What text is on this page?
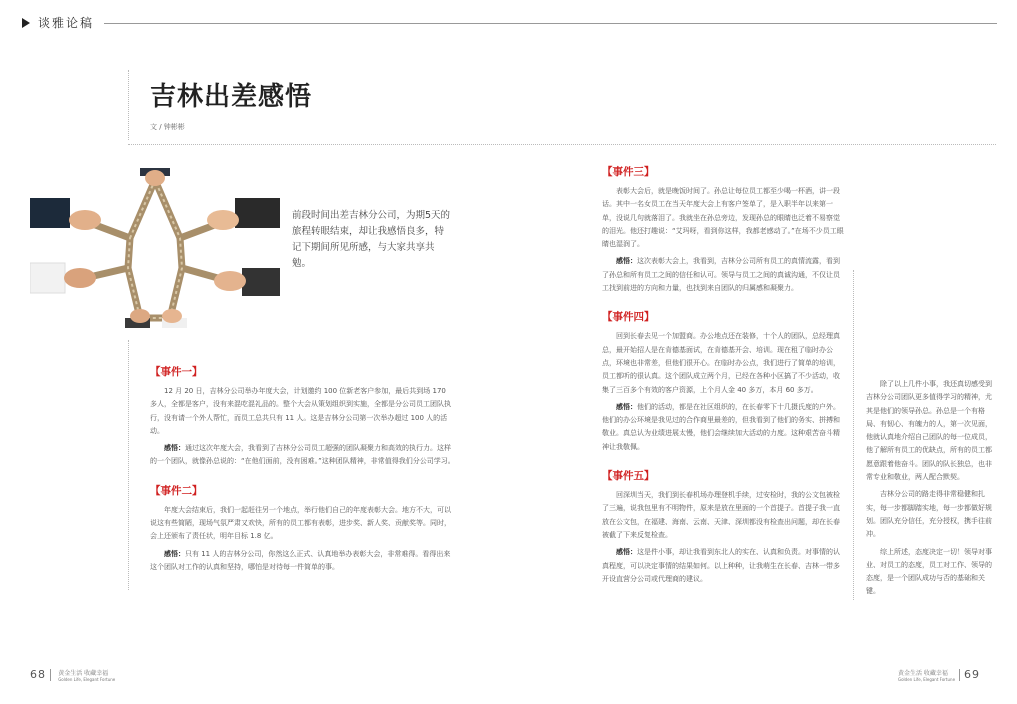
谈雅论稿
吉林出差感悟
文 / 钟彬彬
前段时间出差吉林分公司，为期5天的旅程转眼结束，却让我感悟良多，特记下期间所见所感，与大家共享共勉。
【事件一】

12 月 20 日，吉林分公司举办年度大会，计划邀约 100 位新老客户参加，最后共到场 170 多人，全都是客户，没有来混吃混礼品的。整个大会从策划组织到实施，全都是分公司员工团队执行，没有请一个外人帮忙，而员工总共只有 11 人。这是吉林分公司第一次举办超过 100 人的活动。

感悟：通过这次年度大会，我看到了吉林分公司员工超强的团队凝聚力和高效的执行力。这样的一个团队，就像孙总说的：“在他们面前，没有困难。”这种团队精神，非常值得我们分公司学习。

【事件二】

年度大会结束后，我们一起赶往另一个地点，举行他们自己的年度表彰大会。地方不大，可以说这有些简陋，现场气氛严肃又欢快，所有的员工都有表彰，进步奖、新人奖、贡献奖等。同时，会上还颁布了责任状，明年目标 1.8 亿。

感悟：只有 11 人的吉林分公司，你然这么正式、认真地举办表彰大会，非常难得。看得出来这个团队对工作的认真和坚持，哪怕是对待每一件简单的事。

【事件三】

表彰大会后，就是晚饭时间了。孙总让每位员工都至少喝一杯酒，讲一段话。其中一名女员工在当天年度大会上有客户签单了，是入职半年以来第一单，没说几句就落泪了。我就坐在孙总旁边，发现孙总的眼睛也泛着不易察觉的泪光。他还打趣说：“艾玛呀，看到你这样，我都老感动了。”在场不少员工眼睛也湿润了。

感悟：这次表彰大会上，我看到，吉林分公司所有员工的真情流露，看到了孙总和所有员工之间的信任和认可。领导与员工之间的真诚沟通，不仅让员工找到前进的方向和力量，也找到来自团队的归属感和凝聚力。

【事件四】

回到长春去见一个加盟商。办公地点还在装修，十个人的团队，总经理真总，最开始招人是在肯德基面试，在肯德基开会、培训。现在租了临时办公点，环境也非常差，但他们很开心。在临时办公点，我们进行了简单的培训，员工都听的很认真。这个团队成立两个月，已经在各种小区搞了不少活动，收集了三百多个有效的客户资源，上个月人金 40 多万，本月 60 多万。

感悟：他们的活动，都是在社区组织的，在长春零下十几摄氏度的户外。他们的办公环境是我见过的合作商里最差的，但我看到了他们的务实、拼搏和敬业。真总认为业绩进展太慢，他们会继续加大活动的力度。这种艰苦奋斗精神让我敬佩。

【事件五】

回深圳当天，我们到长春机场办理登机手续，过安检时，我的公文包被检了三遍，说我包里有不明物件，原来是放在里面的一个首提子。首提子我一直放在公文包，在福建、海南、云南、天津、深圳都没有检查出问题，却在长春被截了下来反复检查。

感悟：这是件小事，却让我看到东北人的实在、认真和负责。对事情的认真程度，可以决定事情的结果如何。以上种种，让我萌生在长春、吉林一带多开设直营分公司或代理商的建议。

除了以上几件小事，我还真切感受到吉林分公司团队更多值得学习的精神，尤其是他们的领导孙总。孙总是一个有格局、有韧心、有魄力的人，第一次见面，他就认真地介绍自己团队的每一位成员，他了解所有员工的优缺点，所有的员工都愿意跟着他奋斗。团队的队长独总，也非常专业和敬业，两人配合默契。

吉林分公司的路走得非常稳健和扎实，每一步都脚踏实地，每一步都做好规划。团队充分信任，充分授权，携手往前冲。

综上所述，态度决定一切！领导对事业、对员工的态度，员工对工作、领导的态度，是一个团队成功与否的基础和关键。

68 黄金生活 收藏幸福
Golden Life, Elegant Fortune
黄金生活 收藏幸福
Golden Life, Elegant Fortune 69
